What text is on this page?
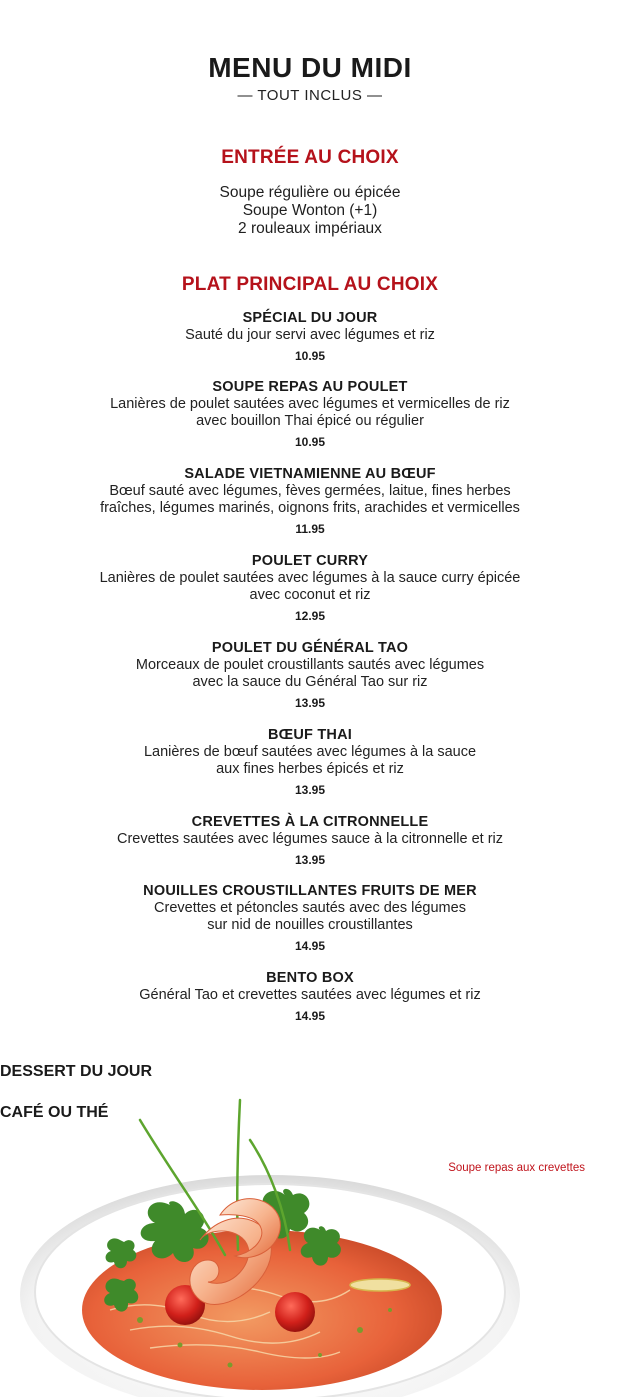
MENU DU MIDI
— TOUT INCLUS —
ENTRÉE AU CHOIX
Soupe régulière ou épicée
Soupe Wonton (+1)
2 rouleaux impériaux
PLAT PRINCIPAL AU CHOIX
SPÉCIAL DU JOUR
Sauté du jour servi avec légumes et riz
10.95
SOUPE REPAS AU POULET
Lanières de poulet sautées avec légumes et vermicelles de riz
avec bouillon Thai épicé ou régulier
10.95
SALADE VIETNAMIENNE AU BŒUF
Bœuf sauté avec légumes, fèves germées, laitue, fines herbes
fraîches, légumes marinés, oignons frits, arachides et vermicelles
11.95
POULET CURRY
Lanières de poulet sautées avec légumes à la sauce curry épicée
avec coconut et riz
12.95
POULET DU GÉNÉRAL TAO
Morceaux de poulet croustillants sautés avec légumes
avec la sauce du Général Tao sur riz
13.95
BŒUF THAI
Lanières de bœuf sautées avec légumes à la sauce
aux fines herbes épicés et riz
13.95
CREVETTES À LA CITRONNELLE
Crevettes sautées avec légumes sauce à la citronnelle et riz
13.95
NOUILLES CROUSTILLANTES FRUITS DE MER
Crevettes et pétoncles sautés avec des légumes
sur nid de nouilles croustillantes
14.95
BENTO BOX
Général Tao et crevettes sautées avec légumes et riz
14.95
DESSERT DU JOUR
CAFÉ OU THÉ
Soupe repas aux crevettes
